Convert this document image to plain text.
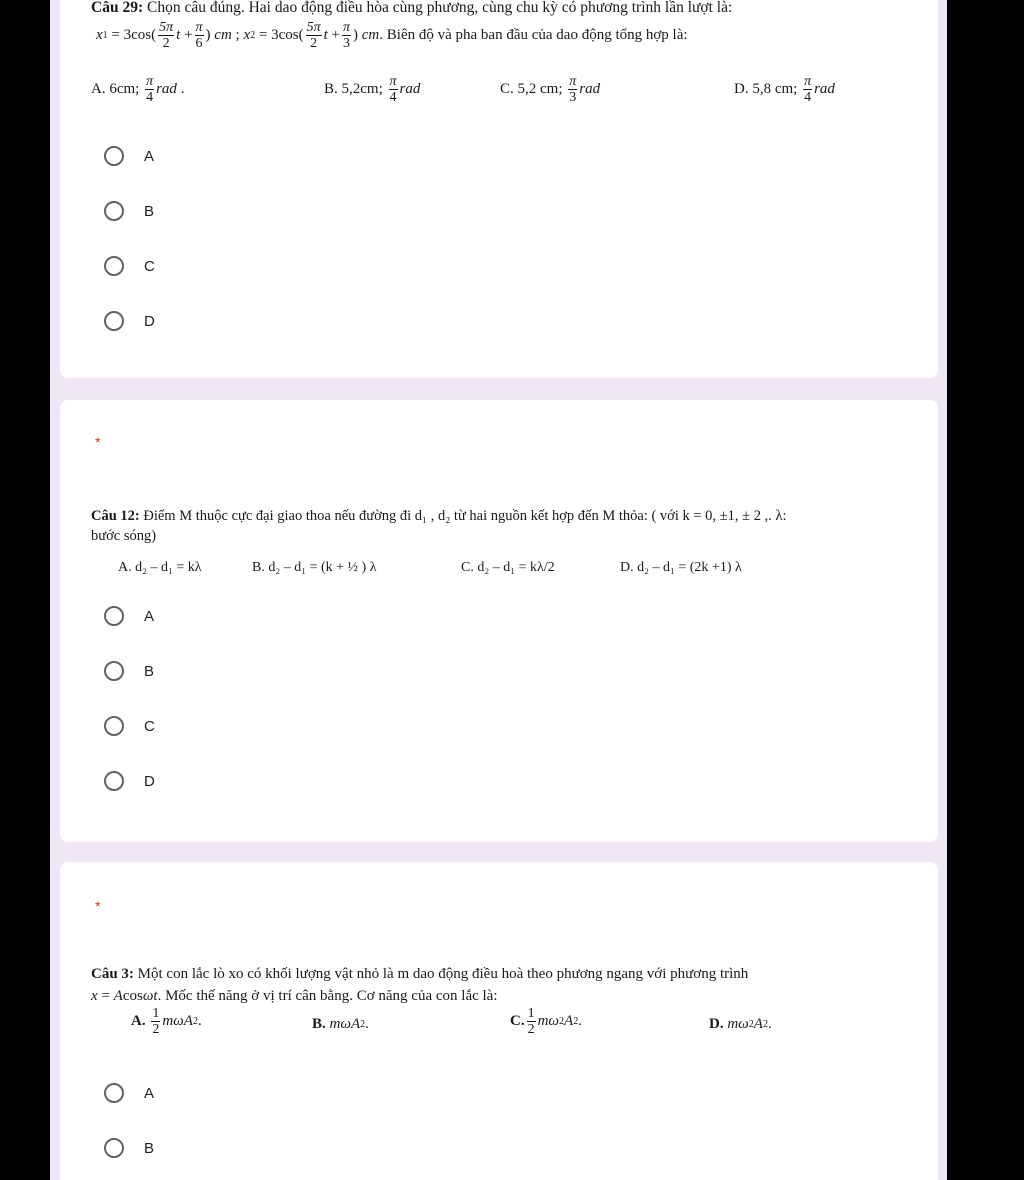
Câu 29: Chọn câu đúng. Hai dao động điều hòa cùng phương, cùng chu kỳ có phương trình lần lượt là:
x $1 = 3\cos( \frac{5\pi}{2}$ $t + \frac{\pi}{6}$ ) cm ; x $2 = 3\cos( \frac{5\pi}{2}$ $t + \frac{\pi}{3}$ ) cm . Biên độ và pha ban đầu của dao động tổng hợp là:
A. 6cm;
$\frac{\pi}{4}$ rad .	B. 5,2cm;
$\frac{\pi}{4}$ rad	C. 5,2 cm;
$\frac{\pi}{3}$ rad	D. 5,8 cm;
$\frac{\pi}{4}$ rad
A
B
C
D
*
Câu 12: Điểm M thuộc cực đại giao thoa nếu đường đi d₁ , d₂ từ hai nguồn kết hợp đến M thỏa: ( với k = 0, ±1, ± 2 ,. λ:
bước sóng)
A. d₂ – d₁ = kλ	B. d₂ – d₁ = (k + ½ ) λ	C. d₂ – d₁ = kλ/2	D. d₂ – d₁ = (2k +1) λ
A
B
C
D
*
Câu 3: Một con lắc lò xo có khối lượng vật nhỏ là m dao động điều hoà theo phương ngang với phương trình
x = Acosωt. Mốc thế năng ở vị trí cân bằng. Cơ năng của con lắc là:
A.
$\frac{1}{2}$ mωA 2 .	B.
mωA 2 .	C. $\frac{1}{2}$ mω 2 A 2 .	D.
mω 2 A 2 .
A
B
